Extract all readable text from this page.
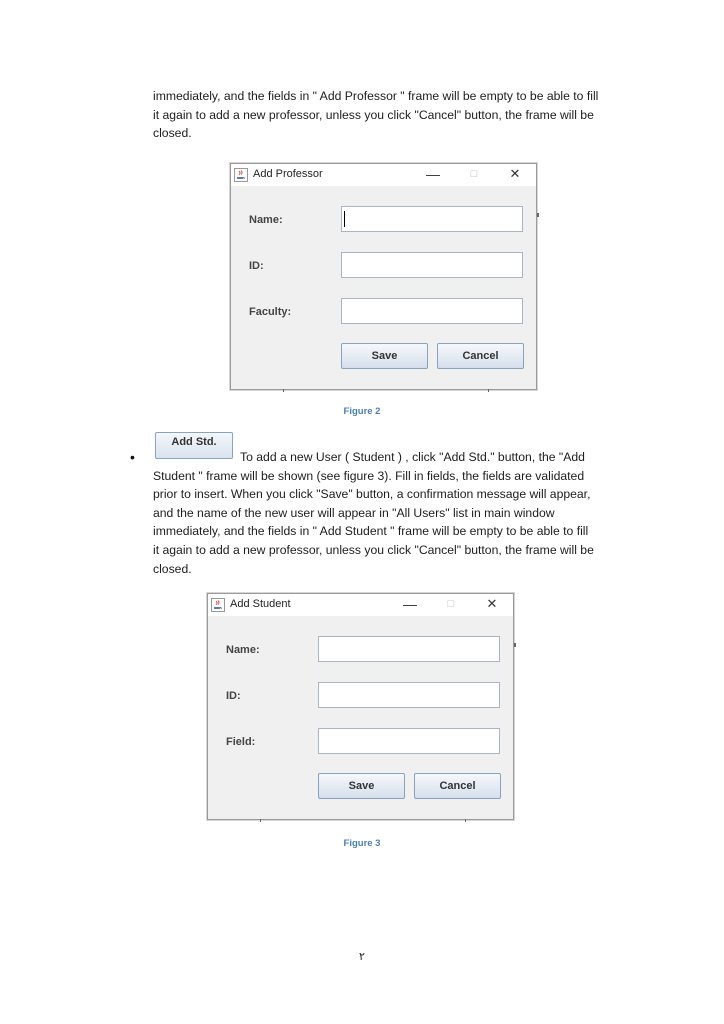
immediately, and the fields in " Add Professor " frame will be empty to be able to fill

it again to add a new professor, unless you click "Cancel" button, the frame will be

closed.

Add Professor	—	□	✕
Name:
ID:
Faculty:
Save	Cancel
Figure 2
•
Add Std.

To add a new User ( Student ) , click "Add Std." button, the "Add

Student " frame will be shown (see figure 3). Fill in fields, the fields are validated

prior to insert. When you click "Save" button, a confirmation message will appear,

and the name of the new user will appear in "All Users" list in main window

immediately, and the fields in " Add Student " frame will be empty to be able to fill

it again to add a new professor, unless you click "Cancel" button, the frame will be

closed.

Add Student	—	□	✕
Name:
ID:
Field:
Save	Cancel
Figure 3
٢
